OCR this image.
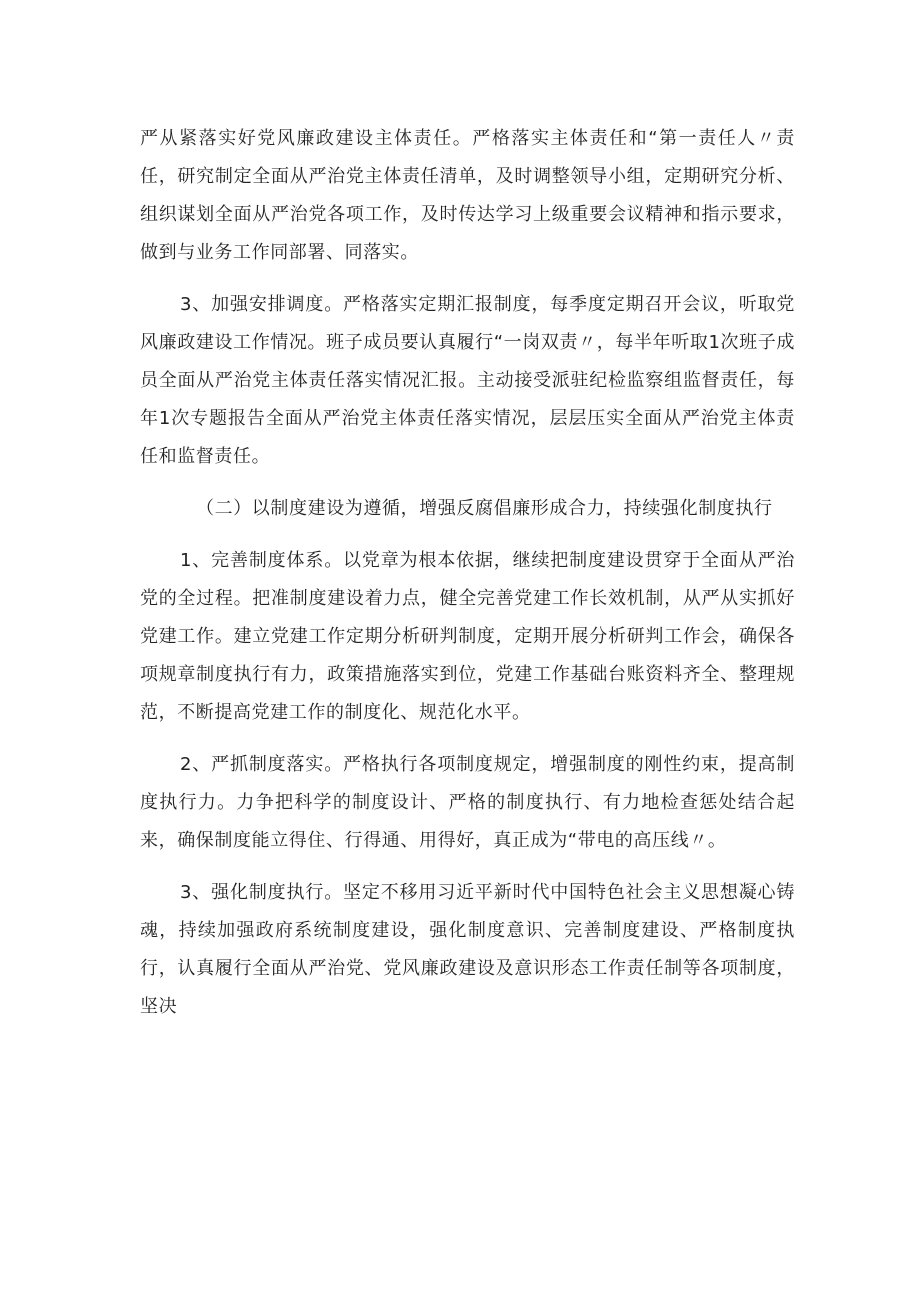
严从紧落实好党风廉政建设主体责任。严格落实主体责任和“第一责任人〃责任，研究制定全面从严治党主体责任清单，及时调整领导小组，定期研究分析、组织谋划全面从严治党各项工作，及时传达学习上级重要会议精神和指示要求，做到与业务工作同部署、同落实。

3、加强安排调度。严格落实定期汇报制度，每季度定期召开会议，听取党风廉政建设工作情况。班子成员要认真履行“一岗双责〃，每半年听取1次班子成员全面从严治党主体责任落实情况汇报。主动接受派驻纪检监察组监督责任，每年1次专题报告全面从严治党主体责任落实情况，层层压实全面从严治党主体责任和监督责任。

（二）以制度建设为遵循，增强反腐倡廉形成合力，持续强化制度执行

1、完善制度体系。以党章为根本依据，继续把制度建设贯穿于全面从严治党的全过程。把准制度建设着力点，健全完善党建工作长效机制，从严从实抓好党建工作。建立党建工作定期分析研判制度，定期开展分析研判工作会，确保各项规章制度执行有力，政策措施落实到位，党建工作基础台账资料齐全、整理规范，不断提高党建工作的制度化、规范化水平。

2、严抓制度落实。严格执行各项制度规定，增强制度的刚性约束，提高制度执行力。力争把科学的制度设计、严格的制度执行、有力地检查惩处结合起来，确保制度能立得住、行得通、用得好，真正成为“带电的高压线〃。

3、强化制度执行。坚定不移用习近平新时代中国特色社会主义思想凝心铸魂，持续加强政府系统制度建设，强化制度意识、完善制度建设、严格制度执行，认真履行全面从严治党、党风廉政建设及意识形态工作责任制等各项制度，坚决
